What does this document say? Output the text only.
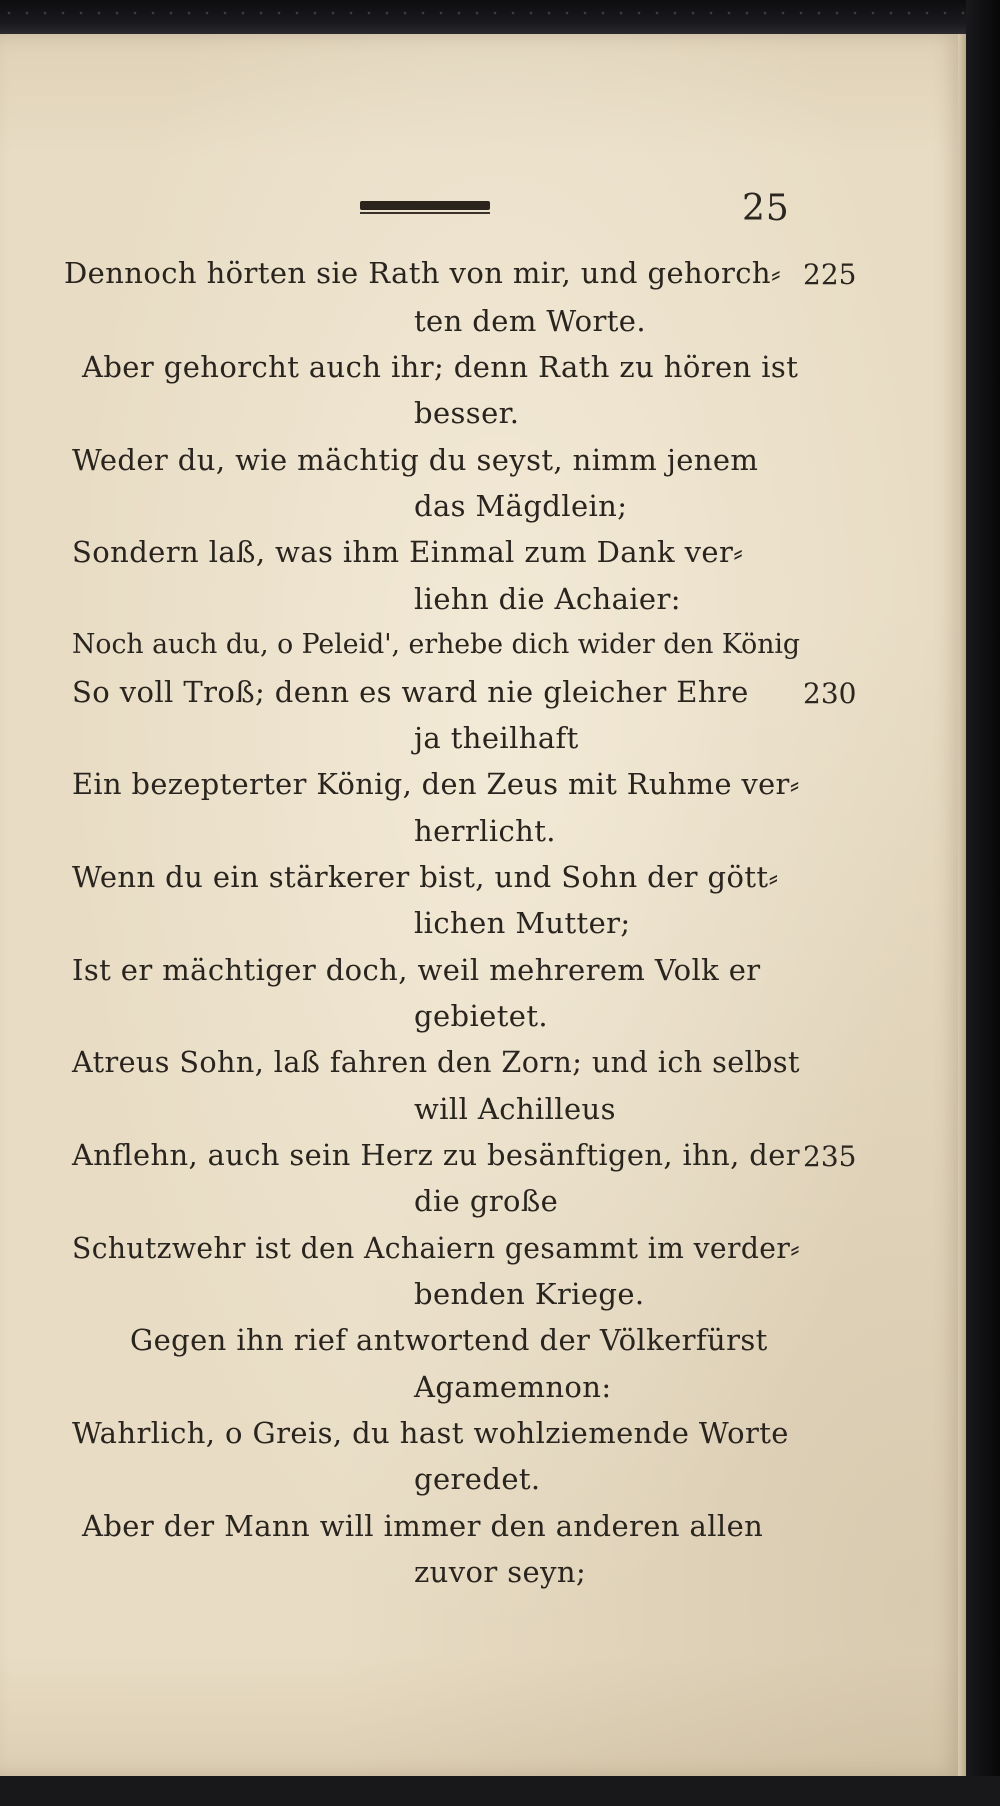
25
Dennoch hörten sie Rath von mir, und gehorch⸗
ten dem Worte.
Aber gehorcht auch ihr; denn Rath zu hören ist
besser.
Weder du, wie mächtig du seyst, nimm jenem
das Mägdlein;
Sondern laß, was ihm Einmal zum Dank ver⸗
liehn die Achaier:
Noch auch du, o Peleid', erhebe dich wider den König
So voll Troß; denn es ward nie gleicher Ehre
ja theilhaft
Ein bezepterter König, den Zeus mit Ruhme ver⸗
herrlicht.
Wenn du ein stärkerer bist, und Sohn der gött⸗
lichen Mutter;
Ist er mächtiger doch, weil mehrerem Volk er
gebietet.
Atreus Sohn, laß fahren den Zorn; und ich selbst
will Achilleus
Anflehn, auch sein Herz zu besänftigen, ihn, der
die große
Schutzwehr ist den Achaiern gesammt im verder⸗
benden Kriege.
Gegen ihn rief antwortend der Völkerfürst
Agamemnon:
Wahrlich, o Greis, du hast wohlziemende Worte
geredet.
Aber der Mann will immer den anderen allen
zuvor seyn;
225
230
235
